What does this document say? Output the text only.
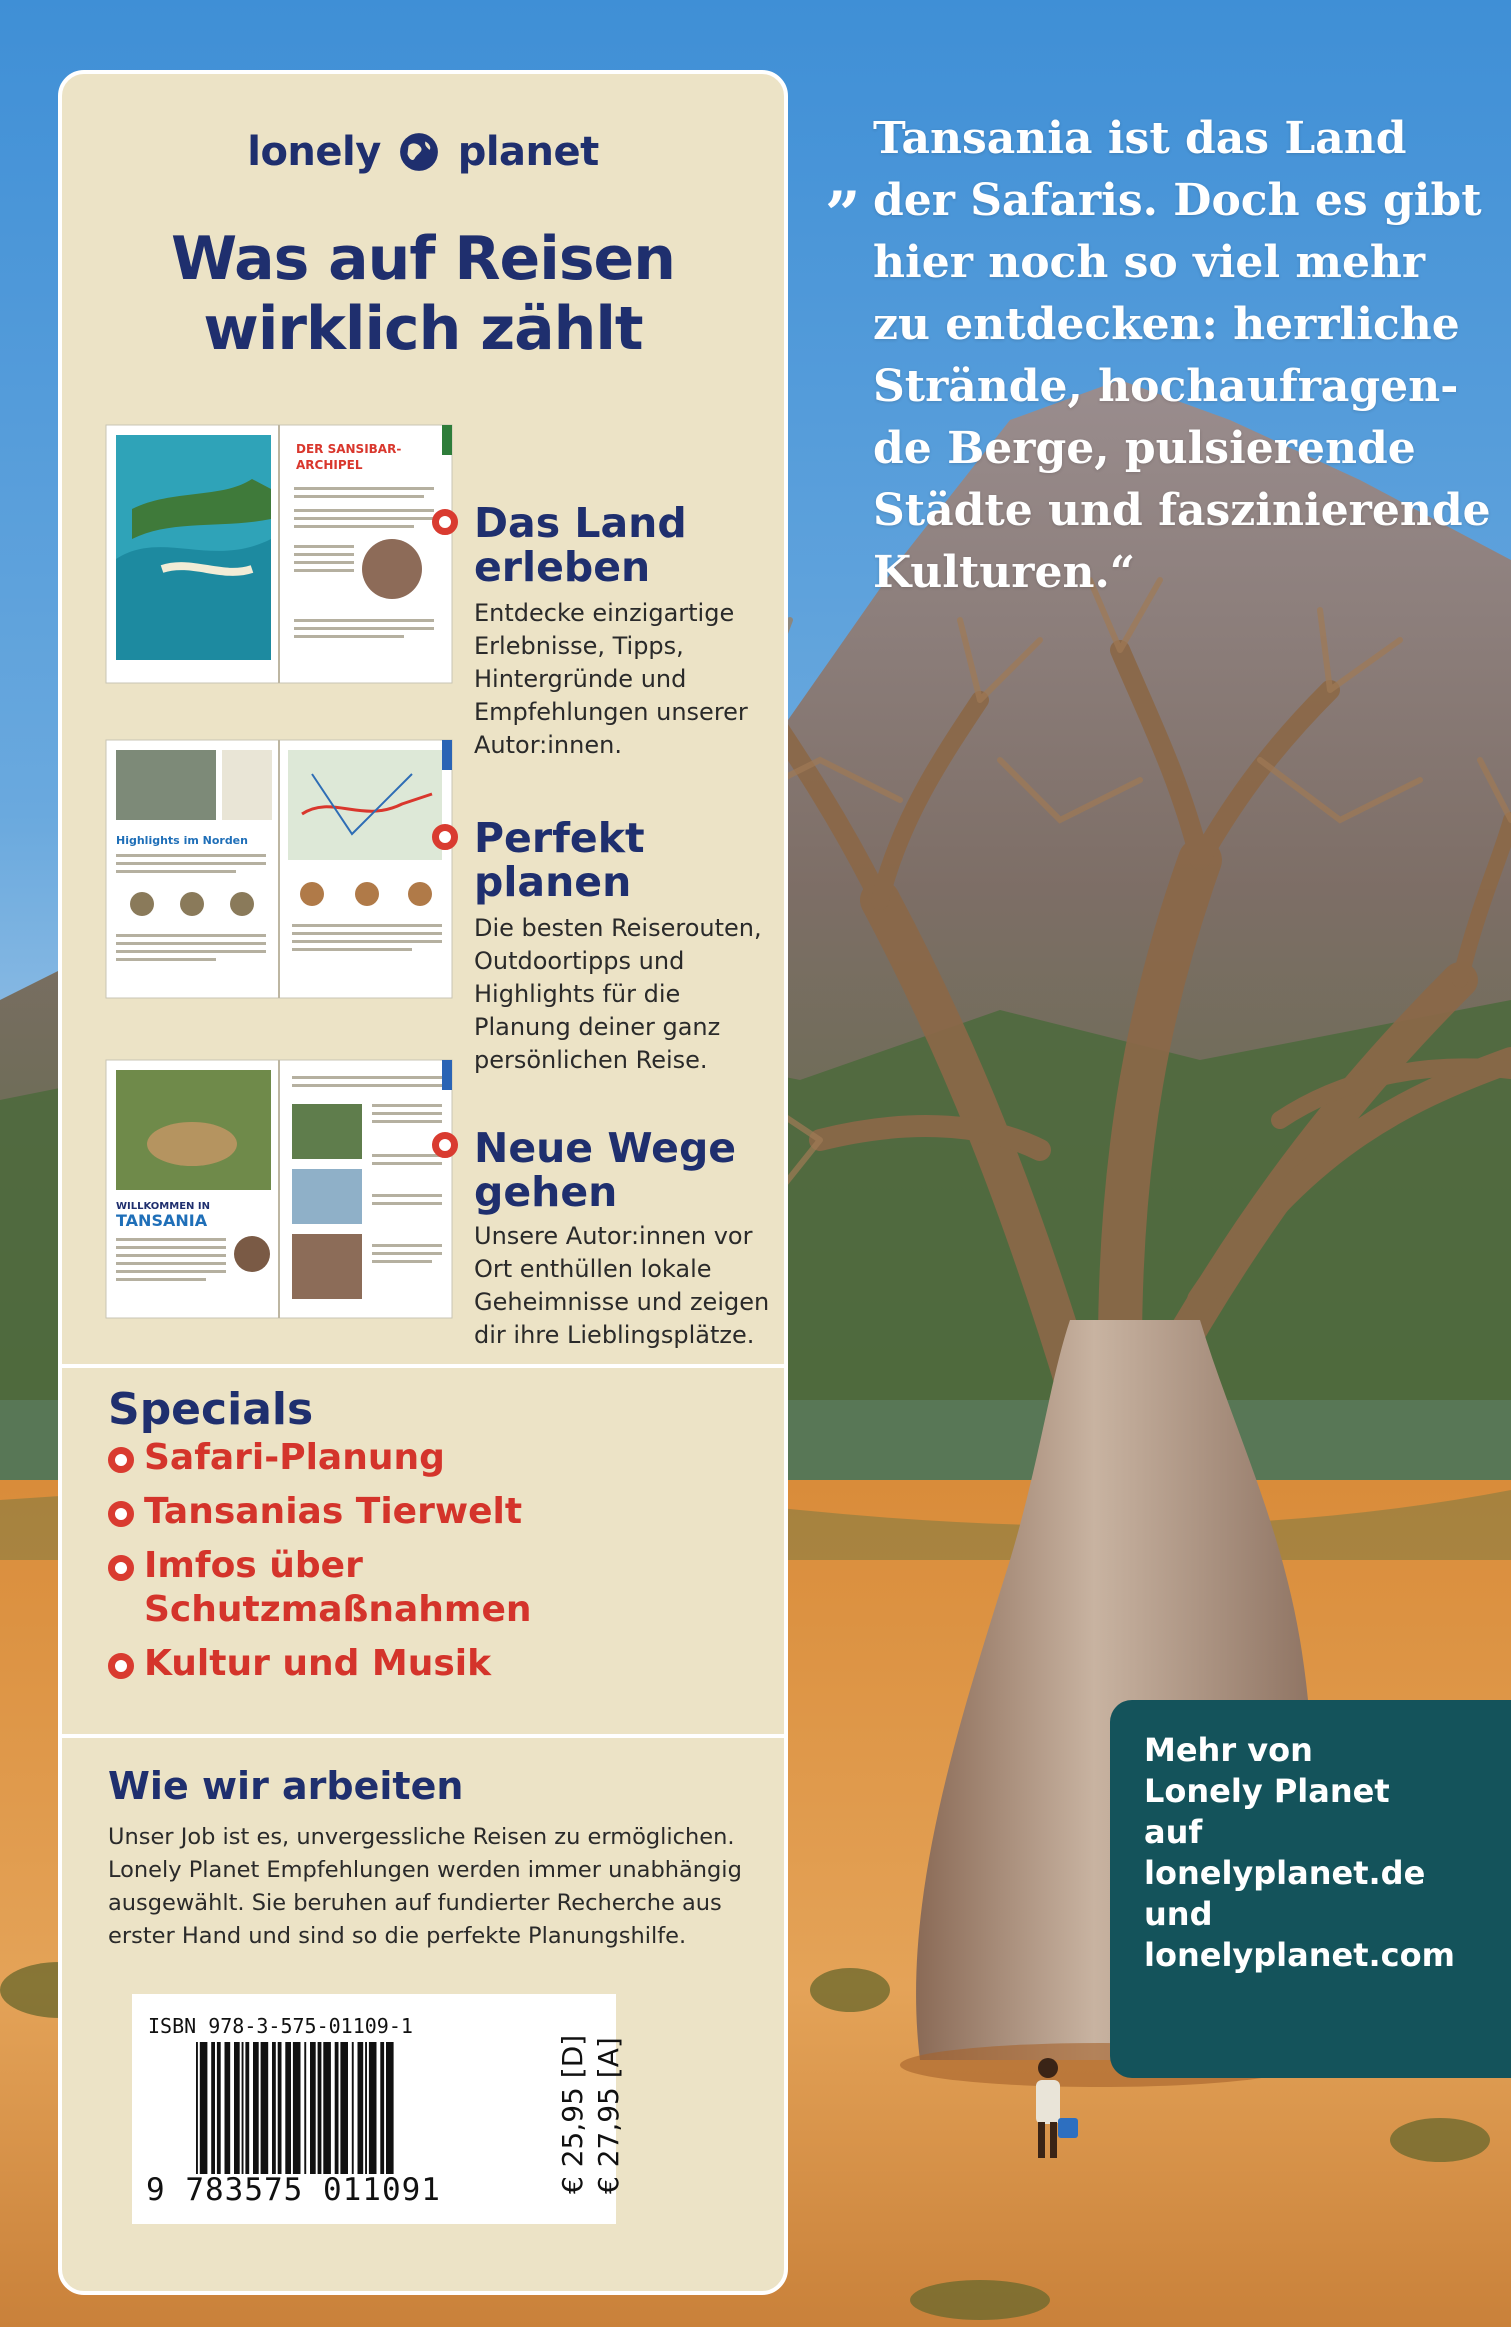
lonely planet
Was auf Reisen
wirklich zählt
DER SANSIBAR-
ARCHIPEL
Das Land
erleben
Entdecke einzigartige Erlebnisse, Tipps, Hintergründe und Empfehlungen unserer Autor:innen.
Highlights im Norden	Perfekt
planen
Die besten Reiserouten, Outdoortipps und Highlights für die Planung deiner ganz persönlichen Reise.
WILLKOMMEN IN
TANSANIA
Neue Wege
gehen
Unsere Autor:innen vor Ort enthüllen lokale Geheimnisse und zeigen dir ihre Lieblingsplätze.
Specials
Safari-Planung
Tansanias Tierwelt
Imfos über Schutzmaßnahmen
Kultur und Musik
Wie wir arbeiten
Unser Job ist es, unvergessliche Reisen zu ermöglichen. Lonely Planet Empfehlungen werden immer unabhängig ausgewählt. Sie beruhen auf fundierter Recherche aus erster Hand und sind so die perfekte Planungshilfe.
ISBN 978-3-575-01109-1
9 783575 011091	€ 25,95 [D] € 27,95 [A]
„
Tansania ist das Land
der Safaris. Doch es gibt
hier noch so viel mehr
zu entdecken: herrliche
Strände, hochaufragen-
de Berge, pulsierende
Städte und faszinierende
Kulturen.“
Mehr von
Lonely Planet
auf
lonelyplanet.de
und
lonelyplanet.com
